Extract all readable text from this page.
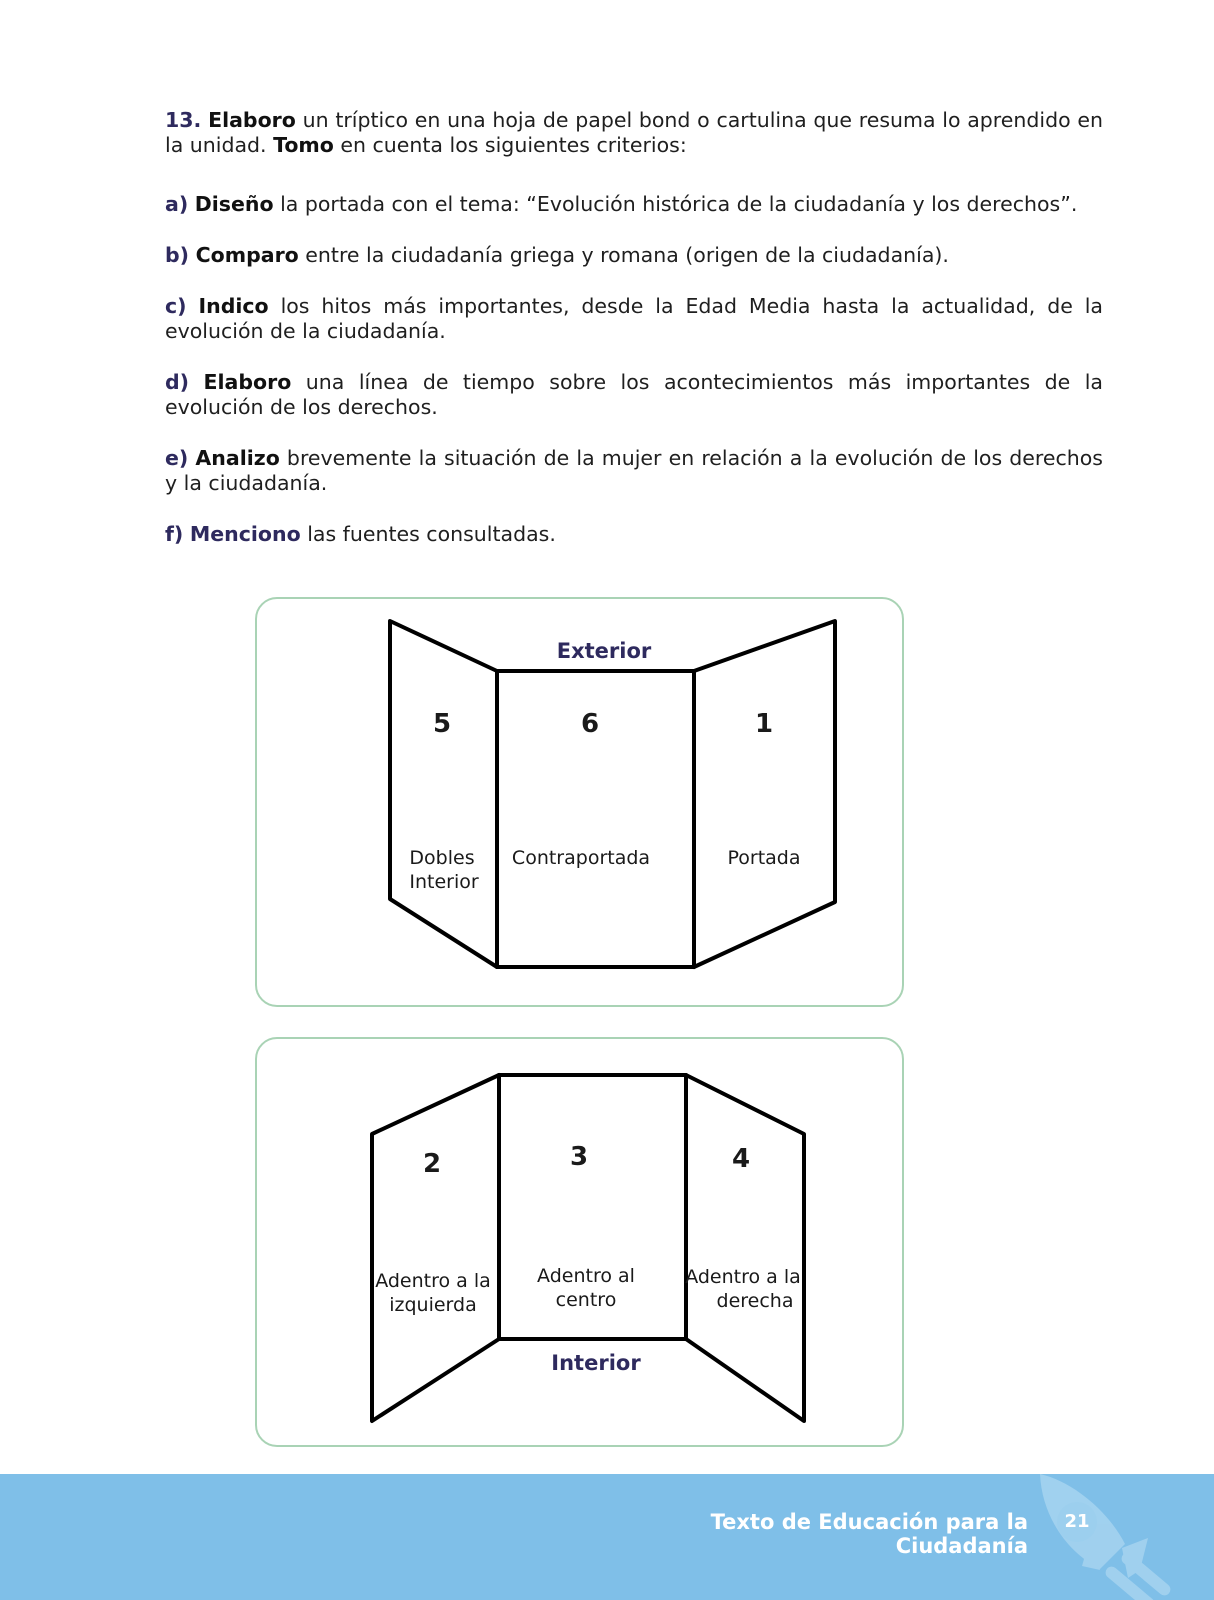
13. Elaboro un tríptico en una hoja de papel bond o cartulina que resuma lo aprendido en la unidad. Tomo en cuenta los siguientes criterios:

a) Diseño la portada con el tema: “Evolución histórica de la ciudadanía y los derechos”.

b) Comparo entre la ciudadanía griega y romana (origen de la ciudadanía).

c) Indico los hitos más importantes, desde la Edad Media hasta la actualidad, de la evolución de la ciudadanía.

d) Elaboro una línea de tiempo sobre los acontecimientos más importantes de la evolución de los derechos.

e) Analizo brevemente la situación de la mujer en relación a la evolución de los derechos y la ciudadanía.

f) Menciono las fuentes consultadas.

Exterior
5	6	1
Dobles
Interior
Contraportada	Portada
2	3	4
Adentro a la
izquierda
Adentro al
centro
Adentro a la
derecha
Interior
Texto de Educación para la Ciudadanía
21
